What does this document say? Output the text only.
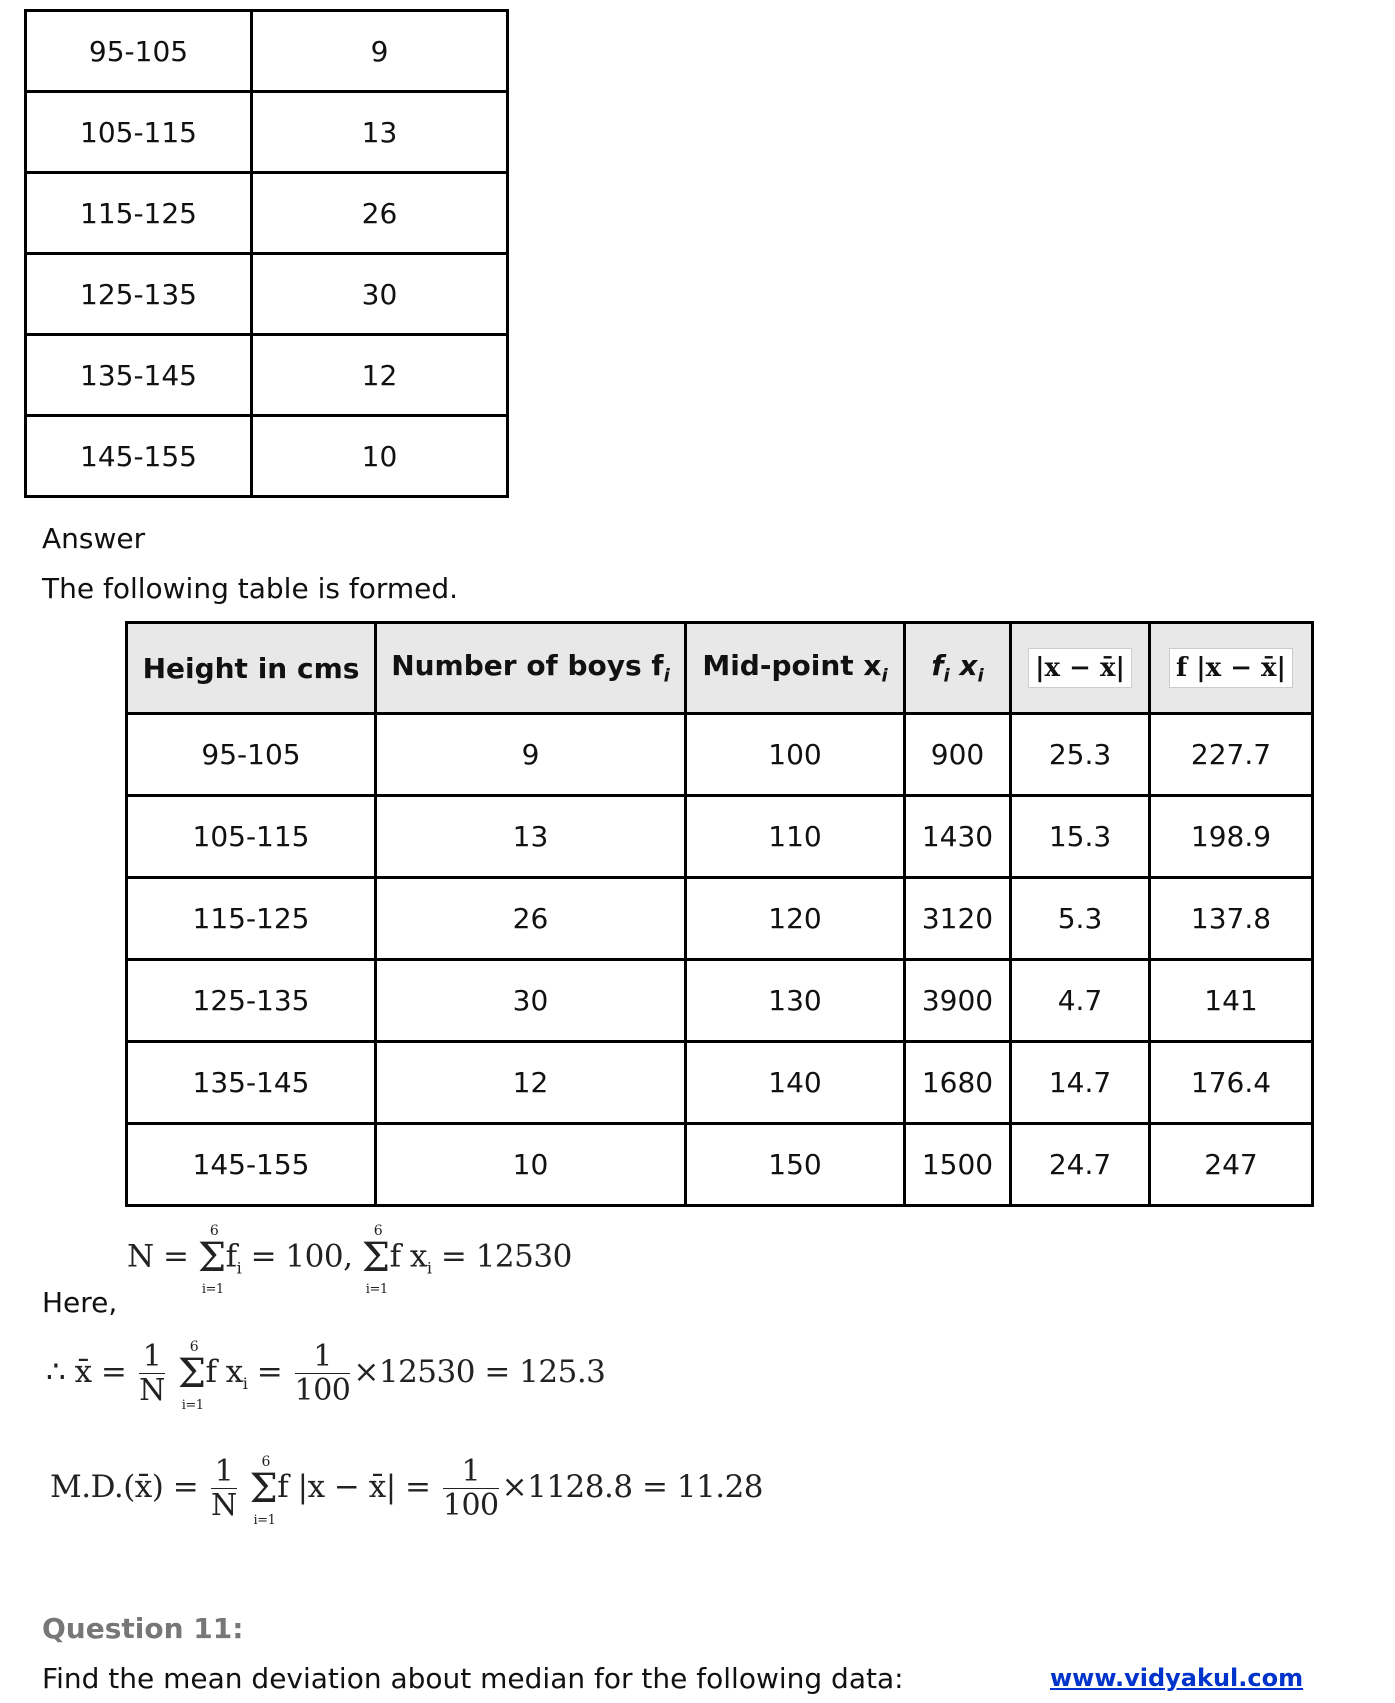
95-105	9
105-115	13
115-125	26
125-135	30
135-145	12
145-155	10
Answer
The following table is formed.
Height in cms	Number of boys $f_i$	Mid-point $x_i$	$f_i$ $x_i$	|x − x̄|	f |x − x̄|
95-105	9	100	900	25.3	227.7
105-115	13	110	1430	15.3	198.9
115-125	26	120	3120	5.3	137.8
125-135	30	130	3900	4.7	141
135-145	12	140	1680	14.7	176.4
145-155	10	150	1500	24.7	247
Here,
N = Σ
6
i=1
$f_i = 100$, Σ
6
i=1
f $x_i = 12530$
∴ x̄ = $\frac{1}{N}$ Σ
6
i=1
f $x_i = \frac{1}{100} \times 12530 = 125.3$
M.D.(x̄) = $\frac{1}{N}$ Σ
6
i=1
f |x − x̄| = $\frac{1}{100} \times 1128.8 = 11.28$
Question 11:
Find the mean deviation about median for the following data:	www.vidyakul.com
